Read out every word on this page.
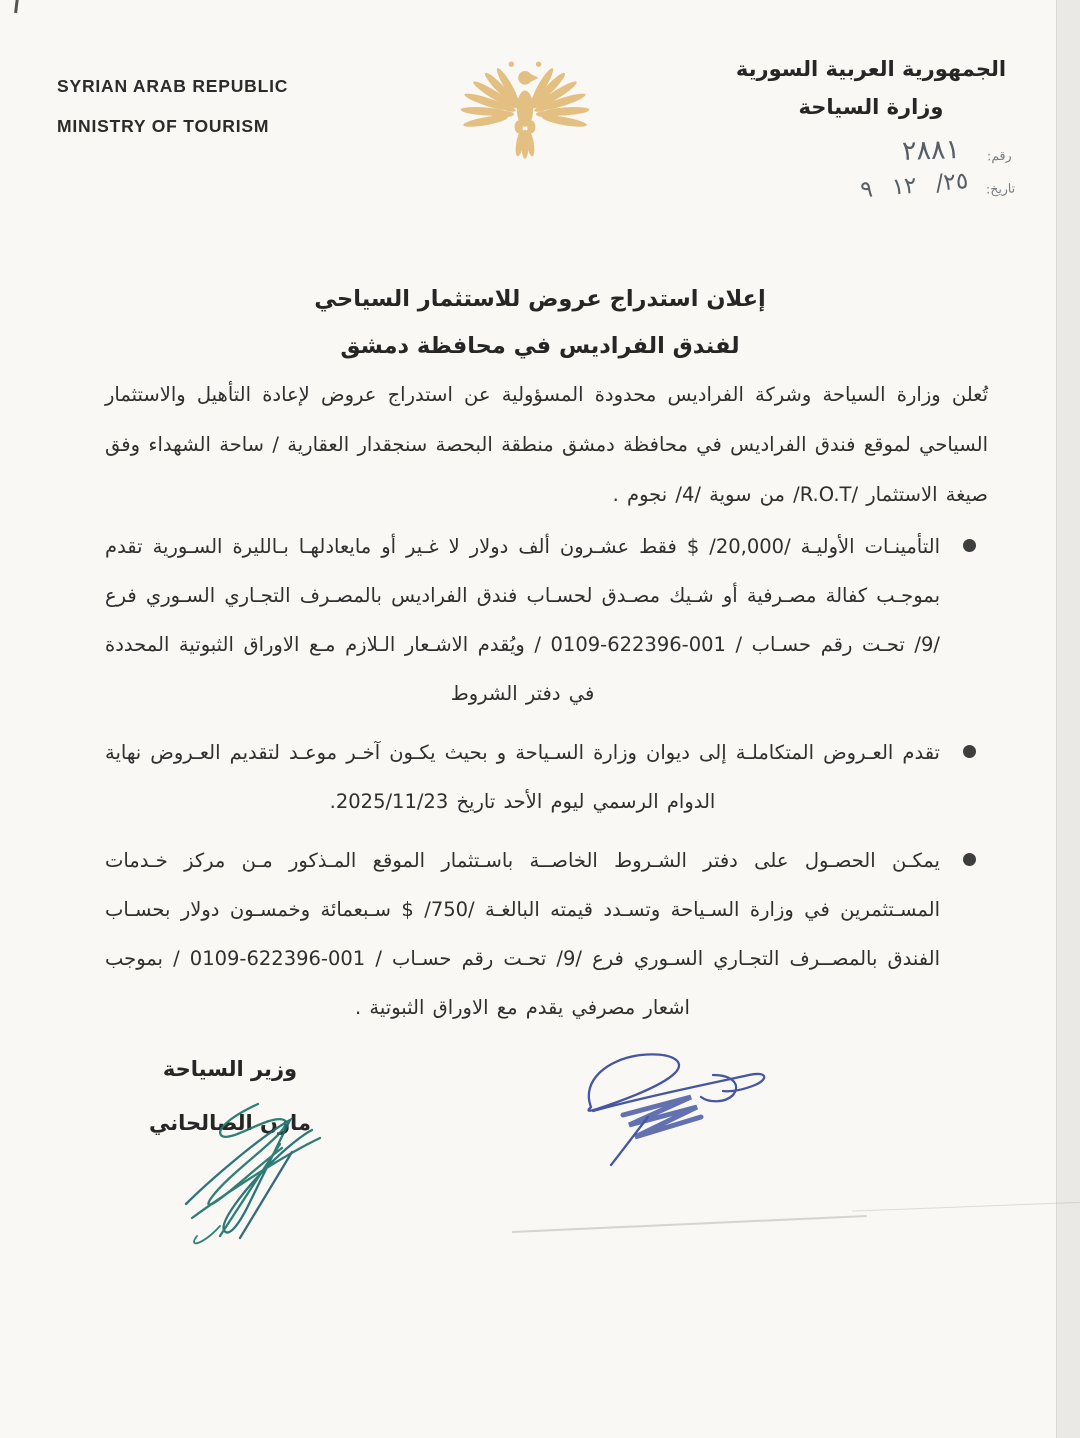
SYRIAN ARAB REPUBLIC
MINISTRY OF TOURISM
الجمهورية العربية السورية
وزارة السياحة
رقم:
٢٨٨١
تاريخ:
٢٥/ ١٢ ٩
إعلان استدراج عروض للاستثمار السياحي
لفندق الفراديس في محافظة دمشق

تُعلن وزارة السياحة وشركة الفراديس محدودة المسؤولية عن استدراج عروض لإعادة التأهيل والاستثمار السياحي لموقع فندق الفراديس في محافظة دمشق منطقة البحصة سنجقدار العقارية / ساحة الشهداء وفق صيغة الاستثمار /R.O.T/ من سوية /4/ نجوم .

التأمينـات الأوليـة /20,000/ $ فقط عشـرون ألف دولار لا غـير أو مايعادلهـا بـالليرة السـورية تقدم بموجـب كفالة مصـرفية أو شـيك مصـدق لحسـاب فندق الفراديس بالمصـرف التجـاري السـوري فرع /9/ تحـت رقم حسـاب / 001-622396-0109 / ويُقدم الاشـعار الـلازم مـع الاوراق الثبوتية المحددة في دفتر الشروط
تقدم العـروض المتكاملـة إلى ديوان وزارة السـياحة و بحيث يكـون آخـر موعـد لتقديم العـروض نهاية الدوام الرسمي ليوم الأحد تاريخ 2025/11/23.
يمكـن الحصـول على دفتر الشـروط الخاصــة باسـتثمار الموقع المـذكور مـن مركز خـدمات المسـتثمرين في وزارة السـياحة وتسـدد قيمته البالغـة /750/ $ سـبعمائة وخمسـون دولار بحسـاب الفندق بالمصــرف التجـاري السـوري فرع /9/ تحـت رقم حسـاب / 001-622396-0109 / بموجب اشعار مصرفي يقدم مع الاوراق الثبوتية .
وزير السياحة
مازن الصالحاني
